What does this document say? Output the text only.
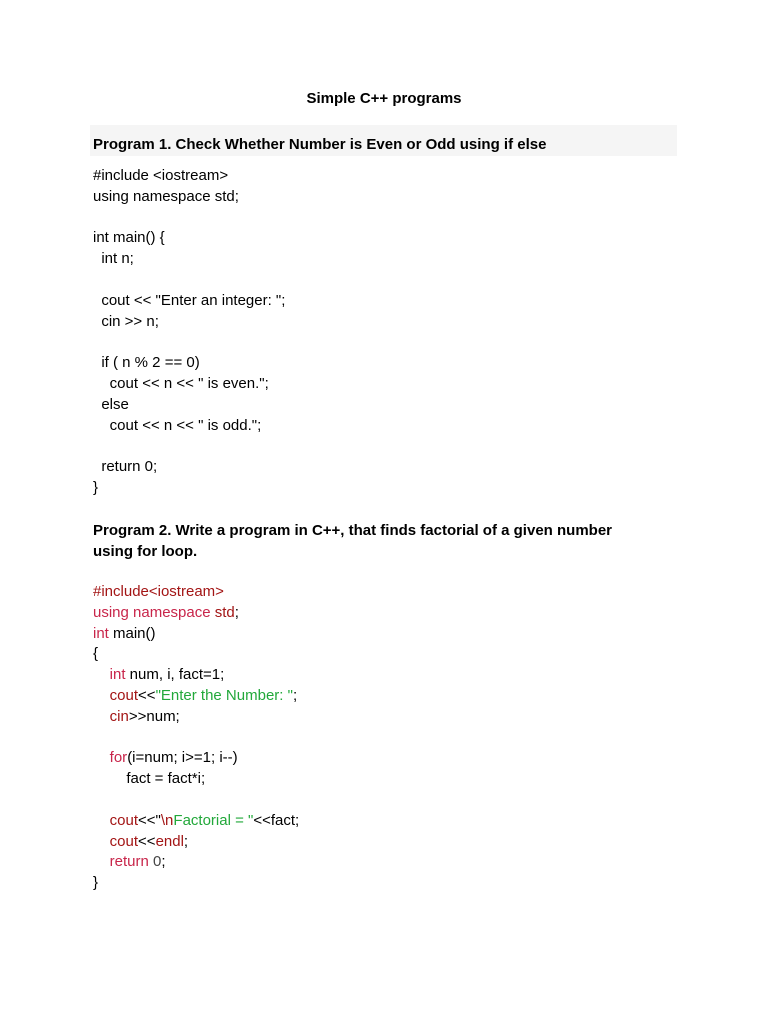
Simple C++ programs
Program 1. Check Whether Number is Even or Odd using if else
#include <iostream>
using namespace std;
int main() {
int n;
cout << "Enter an integer: ";
cin >> n;
if ( n % 2 == 0)
cout << n << " is even.";
else
cout << n << " is odd.";
return 0;
}
Program 2. Write a program in C++, that finds factorial of a given number
using for loop.
#include<iostream>
using namespace std;
int main()
{
int num, i, fact=1;
cout<<"Enter the Number: ";
cin>>num;
for(i=num; i>=1; i--)
fact = fact*i;
cout<<"\nFactorial = "<<fact;
cout<<endl;
return 0;
}
